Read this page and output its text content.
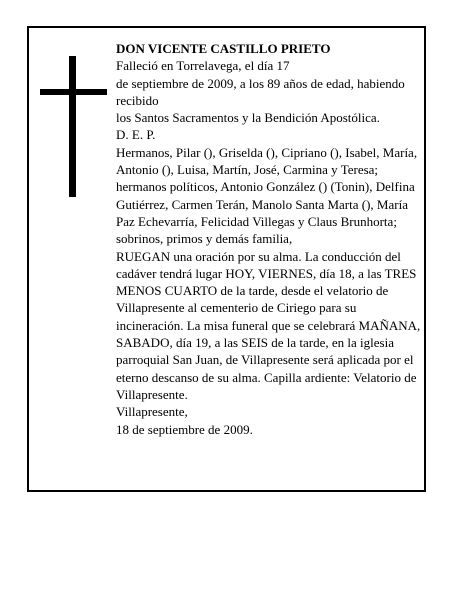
DON VICENTE CASTILLO PRIETO

Falleció en Torrelavega, el día 17

de septiembre de 2009, a los 89 años de edad, habiendo recibido

los Santos Sacramentos y la Bendición Apostólica.

D. E. P.

Hermanos, Pilar (), Griselda (), Cipriano (), Isabel, María, Antonio (), Luisa, Martín, José, Carmina y Teresa; hermanos políticos, Antonio González () (Tonin), Delfina Gutiérrez, Carmen Terán, Manolo Santa Marta (), María Paz Echevarría, Felicidad Villegas y Claus Brunhorta; sobrinos, primos y demás familia,

RUEGAN una oración por su alma. La conducción del cadáver tendrá lugar HOY, VIERNES, día 18, a las TRES MENOS CUARTO de la tarde, desde el velatorio de Villapresente al cementerio de Ciriego para su incineración. La misa funeral que se celebrará MAÑANA, SABADO, día 19, a las SEIS de la tarde, en la iglesia parroquial San Juan, de Villapresente será aplicada por el eterno descanso de su alma. Capilla ardiente: Velatorio de Villapresente.

Villapresente,

18 de septiembre de 2009.
